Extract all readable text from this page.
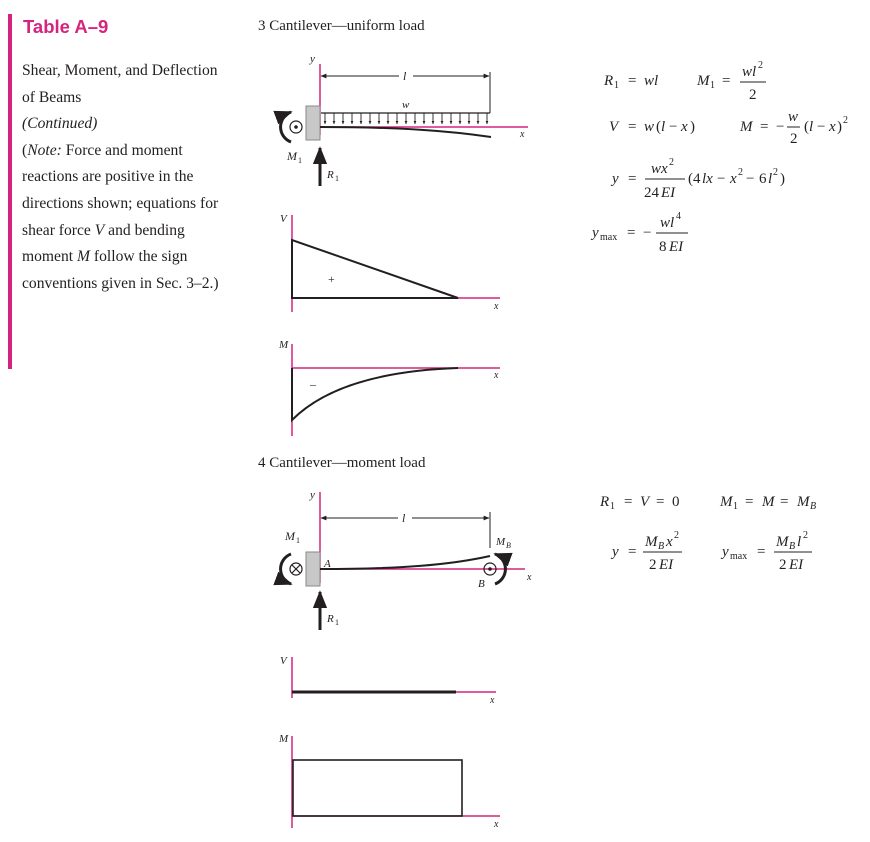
Table A–9

Shear, Moment, and Deflection of Beams

(Continued)

(Note: Force and moment reactions are positive in the directions shown; equations for shear force V and bending moment M follow the sign conventions given in Sec. 3–2.)

3 Cantilever—uniform load
4 Cantilever—moment load
y
l
w
x
M 1
R 1
V
x
+
M
x
–
R 1 = wl	M 1 =
wl 2
2
V = w ( l − x )	M = −
w
2
( l − x ) 2
y =
wx 2
24 EI
(4 lx − x 2 − 6 l 2 )
y max = −
wl 4
8 EI
y
l
A
x
M 1
B
M B
R 1
V
x
M
x
R 1 = V = 0	M 1 = M = M B
y =
M B x 2
2 EI
y max =
M B l 2
2 EI
